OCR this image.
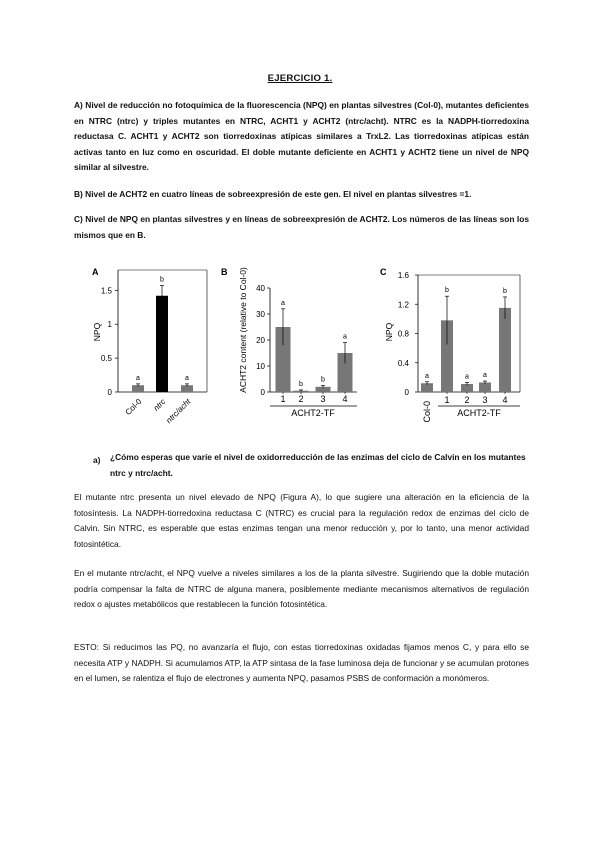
EJERCICIO 1.

A) Nivel de reducción no fotoquímica de la fluorescencia (NPQ) en plantas silvestres (Col-0), mutantes deficientes en NTRC (ntrc) y triples mutantes en NTRC, ACHT1 y ACHT2 (ntrc/acht). NTRC es la NADPH-tiorredoxina reductasa C. ACHT1 y ACHT2 son tiorredoxinas atípicas similares a TrxL2. Las tiorredoxinas atípicas están activas tanto en luz como en oscuridad. El doble mutante deficiente en ACHT1 y ACHT2 tiene un nivel de NPQ similar al silvestre.

B) Nivel de ACHT2 en cuatro líneas de sobreexpresión de este gen. El nivel en plantas silvestres =1.

C) Nivel de NPQ en plantas silvestres y en líneas de sobreexpresión de ACHT2. Los números de las líneas son los mismos que en B.

A
NPQ
0
0.5
1
1.5
a
b
a
Col-0 ntrc
ntrc/acht
B ACHT2 content (relative to Col-0) 0
10
20
30
40
a
b
b
a
1 2 3 4
ACHT2-TF
C
NPQ
0
0.4
0.8
1.2
1.6
a
b
a a
b
Col-0
1 2 3 4
ACHT2-TF
a) ¿Cómo esperas que varíe el nivel de oxidorreducción de las enzimas del ciclo de Calvin en los mutantes ntrc y ntrc/acht.

El mutante ntrc presenta un nivel elevado de NPQ (Figura A), lo que sugiere una alteración en la eficiencia de la fotosíntesis. La NADPH-tiorredoxina reductasa C (NTRC) es crucial para la regulación redox de enzimas del ciclo de Calvin. Sin NTRC, es esperable que estas enzimas tengan una menor reducción y, por lo tanto, una menor actividad fotosintética.

En el mutante ntrc/acht, el NPQ vuelve a niveles similares a los de la planta silvestre. Sugiriendo que la doble mutación podría compensar la falta de NTRC de alguna manera, posiblemente mediante mecanismos alternativos de regulación redox o ajustes metabólicos que restablecen la función fotosintética.

ESTO: Si reducimos las PQ, no avanzaría el flujo, con estas tiorredoxinas oxidadas fijamos menos C, y para ello se necesita ATP y NADPH. Si acumulamos ATP, la ATP sintasa de la fase luminosa deja de funcionar y se acumulan protones en el lumen, se ralentiza el flujo de electrones y aumenta NPQ, pasamos PSBS de conformación a monómeros.
